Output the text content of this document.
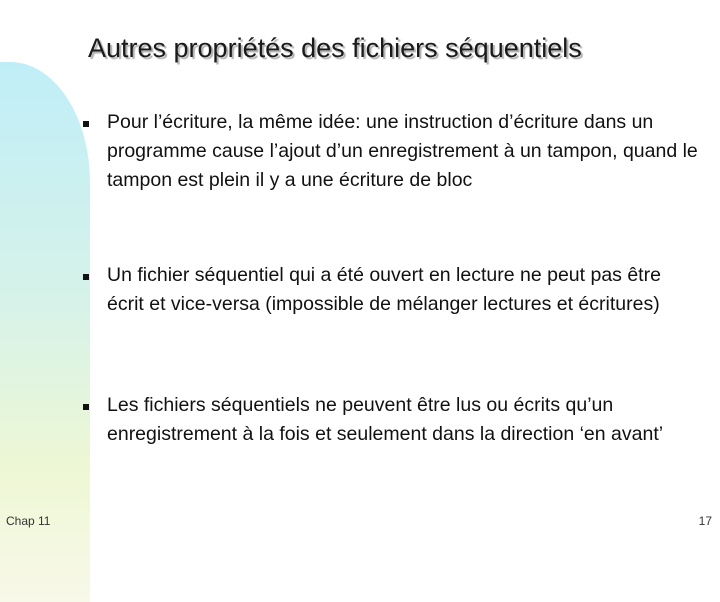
Autres propriétés des fichiers séquentiels
Pour l’écriture, la même idée: une instruction d’écriture dans un programme cause l’ajout d’un enregistrement à un tampon, quand le tampon est plein il y a une écriture de bloc
Un fichier séquentiel qui a été ouvert en lecture ne peut pas être écrit et vice-versa (impossible de mélanger lectures et écritures)
Les fichiers séquentiels ne peuvent être lus ou écrits qu’un enregistrement à la fois et seulement dans la direction ‘en avant’
Chap 11	17
